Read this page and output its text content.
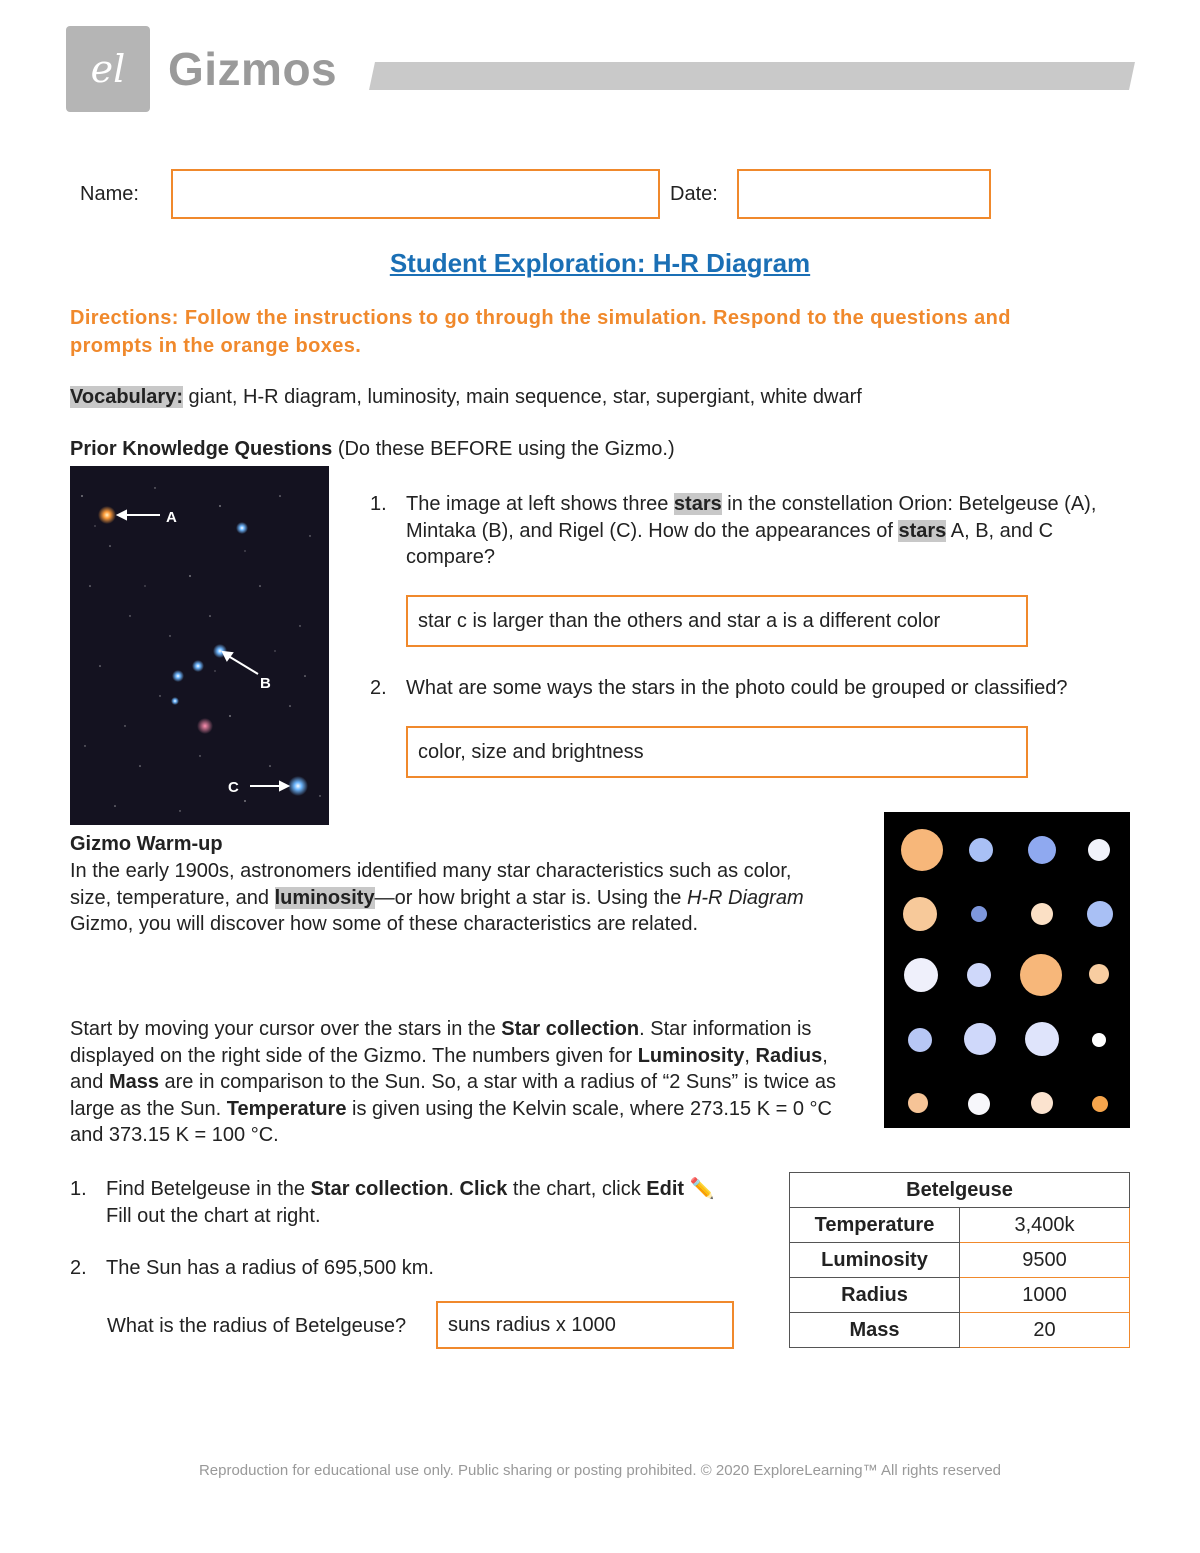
el Gizmos
Name:	Date:
Student Exploration: H-R Diagram
Directions: Follow the instructions to go through the simulation. Respond to the questions and prompts in the orange boxes.
Vocabulary: giant, H-R diagram, luminosity, main sequence, star, supergiant, white dwarf
Prior Knowledge Questions (Do these BEFORE using the Gizmo.)
A
B
C
1. The image at left shows three stars in the constellation Orion: Betelgeuse (A), Mintaka (B), and Rigel (C). How do the appearances of stars A, B, and C compare?
star c is larger than the others and star a is a different color
2. What are some ways the stars in the photo could be grouped or classified?
color, size and brightness
Gizmo Warm-up
In the early 1900s, astronomers identified many star characteristics such as color, size, temperature, and luminosity—or how bright a star is. Using the H-R Diagram Gizmo, you will discover how some of these characteristics are related.
Start by moving your cursor over the stars in the Star collection. Star information is displayed on the right side of the Gizmo. The numbers given for Luminosity, Radius, and Mass are in comparison to the Sun. So, a star with a radius of “2 Suns” is twice as large as the Sun. Temperature is given using the Kelvin scale, where 273.15 K = 0 °C and 373.15 K = 100 °C.
1. Find Betelgeuse in the Star collection. Click the chart, click Edit ✏️
Fill out the chart at right.
2. The Sun has a radius of 695,500 km.
What is the radius of Betelgeuse?	suns radius x 1000
Betelgeuse	
Temperature	3,400k
Luminosity	9500
Radius	1000
Mass	20
Reproduction for educational use only. Public sharing or posting prohibited. © 2020 ExploreLearning™ All rights reserved
